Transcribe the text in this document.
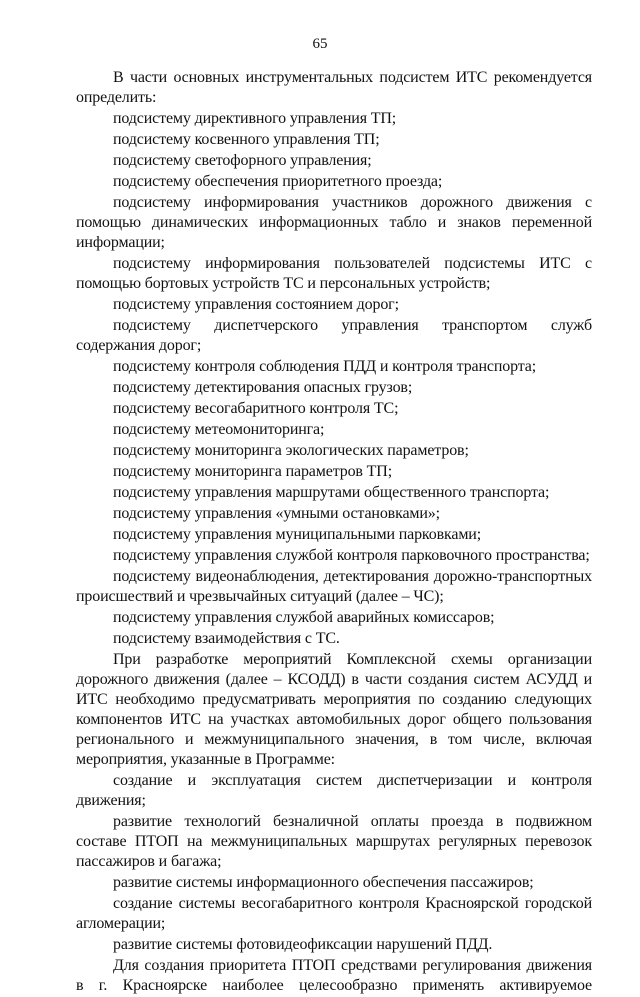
65

В части основных инструментальных подсистем ИТС рекомендуется определить:

подсистему директивного управления ТП;

подсистему косвенного управления ТП;

подсистему светофорного управления;

подсистему обеспечения приоритетного проезда;

подсистему информирования участников дорожного движения с помощью динамических информационных табло и знаков переменной информации;

подсистему информирования пользователей подсистемы ИТС с помощью бортовых устройств ТС и персональных устройств;

подсистему управления состоянием дорог;

подсистему диспетчерского управления транспортом служб содержания дорог;

подсистему контроля соблюдения ПДД и контроля транспорта;

подсистему детектирования опасных грузов;

подсистему весогабаритного контроля ТС;

подсистему метеомониторинга;

подсистему мониторинга экологических параметров;

подсистему мониторинга параметров ТП;

подсистему управления маршрутами общественного транспорта;

подсистему управления «умными остановками»;

подсистему управления муниципальными парковками;

подсистему управления службой контроля парковочного пространства;

подсистему видеонаблюдения, детектирования дорожно-транспортных происшествий и чрезвычайных ситуаций (далее – ЧС);

подсистему управления службой аварийных комиссаров;

подсистему взаимодействия с ТС.

При разработке мероприятий Комплексной схемы организации дорожного движения (далее – КСОДД) в части создания систем АСУДД и ИТС необходимо предусматривать мероприятия по созданию следующих компонентов ИТС на участках автомобильных дорог общего пользования регионального и межмуниципального значения, в том числе, включая мероприятия, указанные в Программе:

создание и эксплуатация систем диспетчеризации и контроля движения;

развитие технологий безналичной оплаты проезда в подвижном составе ПТОП на межмуниципальных маршрутах регулярных перевозок пассажиров и багажа;

развитие системы информационного обеспечения пассажиров;

создание системы весогабаритного контроля Красноярской городской агломерации;

развитие системы фотовидеофиксации нарушений ПДД.

Для создания приоритета ПТОП средствами регулирования движения в г. Красноярске наиболее целесообразно применять активируемое
